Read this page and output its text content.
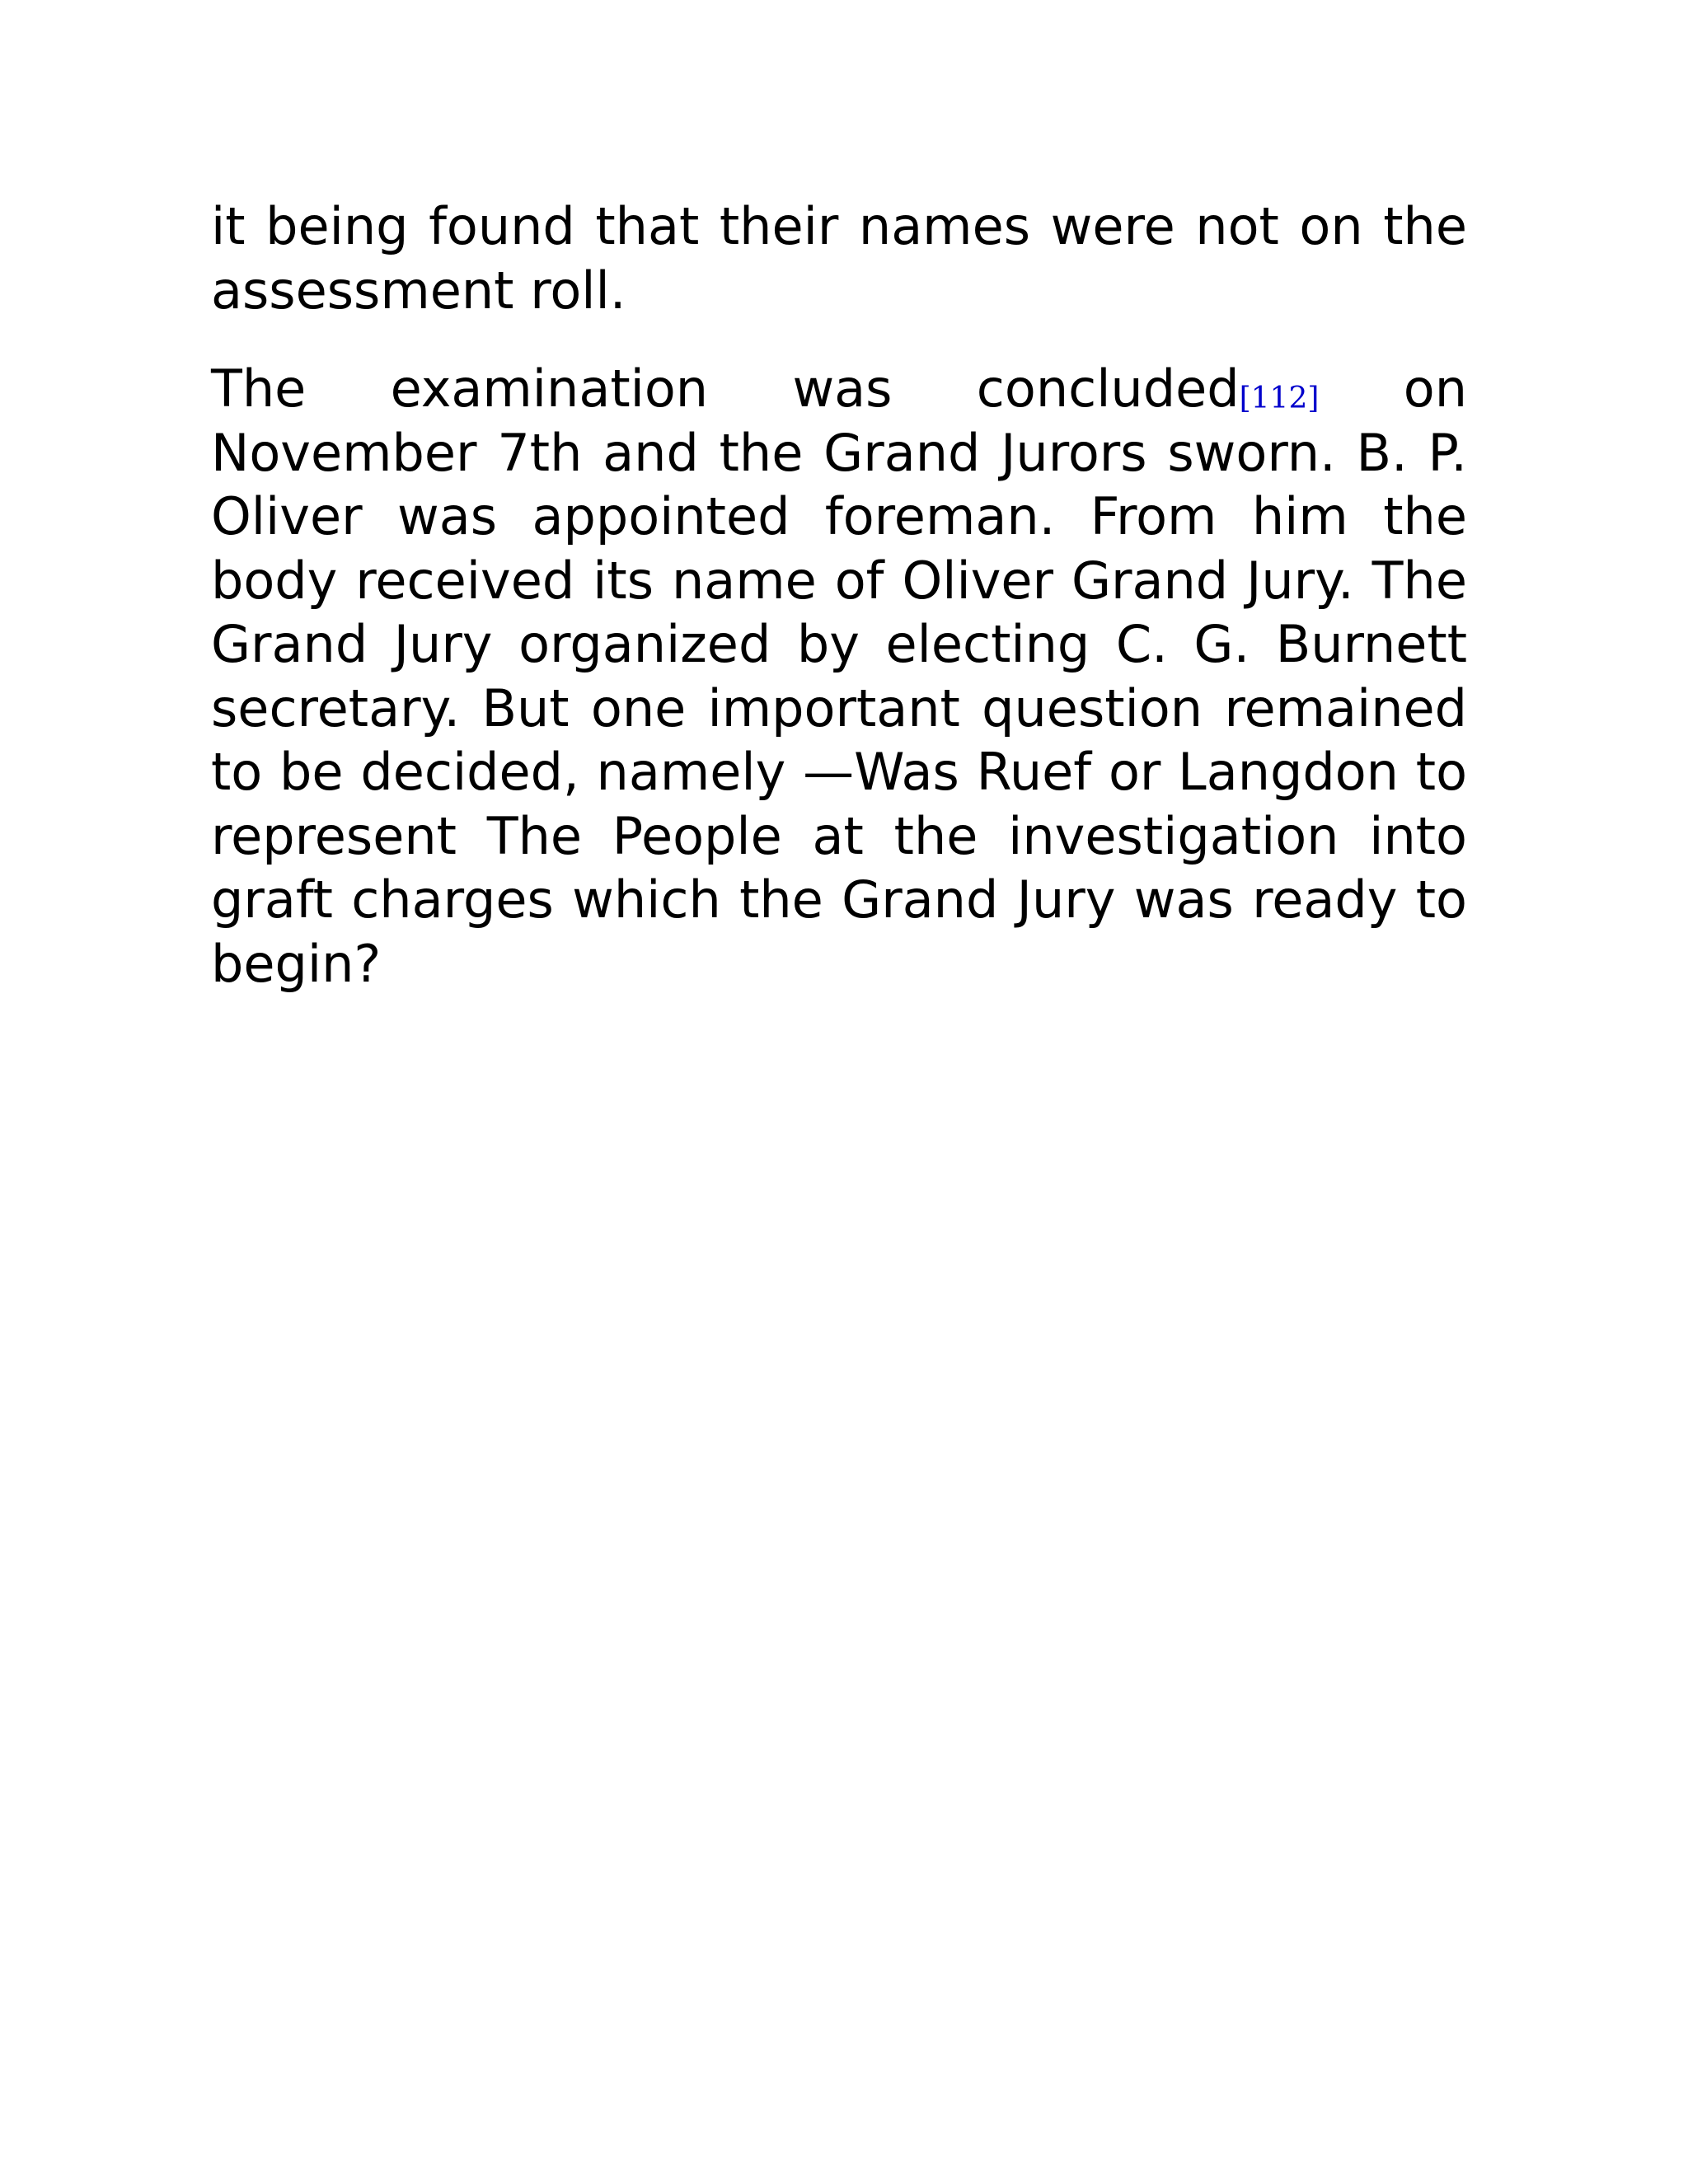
it being found that their names were not on the assessment roll.

The examination was concluded[112] on November 7th and the Grand Jurors sworn. B. P. Oliver was appointed foreman. From him the body received its name of Oliver Grand Jury. The Grand Jury organized by electing C. G. Burnett secretary. But one important question remained to be decided, namely —Was Ruef or Langdon to represent The People at the investigation into graft charges which the Grand Jury was ready to begin?
